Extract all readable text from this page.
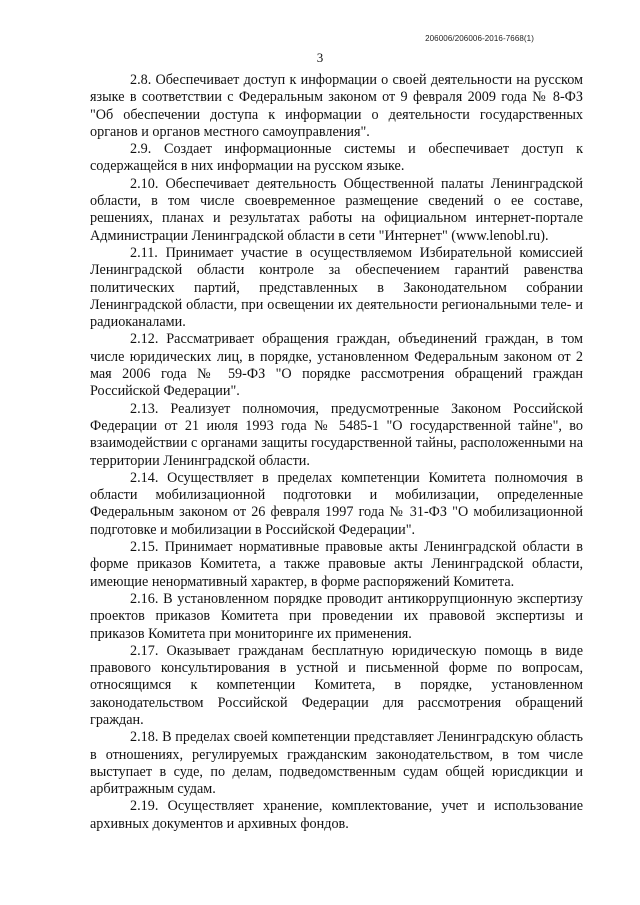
206006/206006-2016-7668(1)
3

2.8. Обеспечивает доступ к информации о своей деятельности на русском языке в соответствии с Федеральным законом от 9 февраля 2009 года № 8-ФЗ "Об обеспечении доступа к информации о деятельности государственных органов и органов местного самоуправления".

2.9. Создает информационные системы и обеспечивает доступ к содержащейся в них информации на русском языке.

2.10. Обеспечивает деятельность Общественной палаты Ленинградской области, в том числе своевременное размещение сведений о ее составе, решениях, планах и результатах работы на официальном интернет-портале Администрации Ленинградской области в сети "Интернет" (www.lenobl.ru).

2.11. Принимает участие в осуществляемом Избирательной комиссией Ленинградской области контроле за обеспечением гарантий равенства политических партий, представленных в Законодательном собрании Ленинградской области, при освещении их деятельности региональными теле- и радиоканалами.

2.12. Рассматривает обращения граждан, объединений граждан, в том числе юридических лиц, в порядке, установленном Федеральным законом от 2 мая 2006 года № 59-ФЗ "О порядке рассмотрения обращений граждан Российской Федерации".

2.13. Реализует полномочия, предусмотренные Законом Российской Федерации от 21 июля 1993 года № 5485-1 "О государственной тайне", во взаимодействии с органами защиты государственной тайны, расположенными на территории Ленинградской области.

2.14. Осуществляет в пределах компетенции Комитета полномочия в области мобилизационной подготовки и мобилизации, определенные Федеральным законом от 26 февраля 1997 года № 31-ФЗ "О мобилизационной подготовке и мобилизации в Российской Федерации".

2.15. Принимает нормативные правовые акты Ленинградской области в форме приказов Комитета, а также правовые акты Ленинградской области, имеющие ненормативный характер, в форме распоряжений Комитета.

2.16. В установленном порядке проводит антикоррупционную экспертизу проектов приказов Комитета при проведении их правовой экспертизы и приказов Комитета при мониторинге их применения.

2.17. Оказывает гражданам бесплатную юридическую помощь в виде правового консультирования в устной и письменной форме по вопросам, относящимся к компетенции Комитета, в порядке, установленном законодательством Российской Федерации для рассмотрения обращений граждан.

2.18. В пределах своей компетенции представляет Ленинградскую область в отношениях, регулируемых гражданским законодательством, в том числе выступает в суде, по делам, подведомственным судам общей юрисдикции и арбитражным судам.

2.19. Осуществляет хранение, комплектование, учет и использование архивных документов и архивных фондов.
